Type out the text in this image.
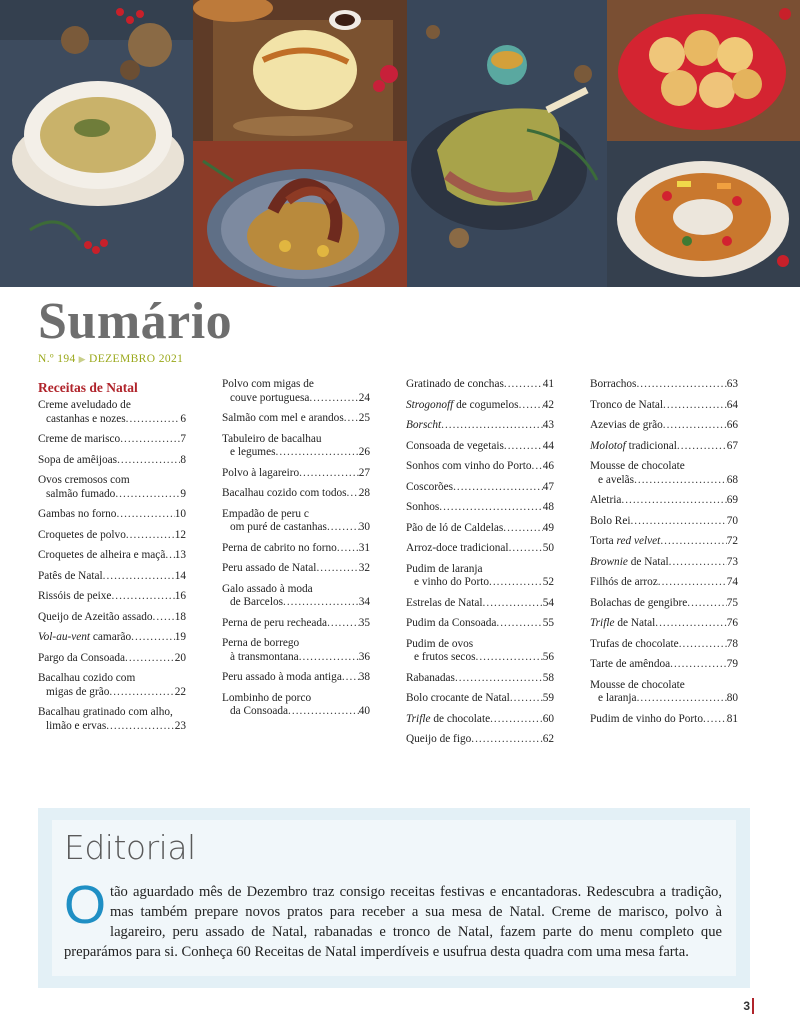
Sumário
N.º 194 ▶ DEZEMBRO 2021
Receitas de Natal
Creme aveludado de
castanhas e nozes .....	6
Creme de marisco .....	7
Sopa de amêijoas .....	8
Ovos cremosos com
salmão fumado .....	9
Gambas no forno .....	10
Croquetes de polvo .....	12
Croquetes de alheira e maçã ..... 13
Patês de Natal .....	14
Rissóis de peixe .....	16
Queijo de Azeitão assado ..... 18
Vol-au-vent camarão .....	19
Pargo da Consoada .....	20
Bacalhau cozido com
migas de grão .....	22
Bacalhau gratinado com alho,
limão e ervas .....	23
Polvo com migas de
couve portuguesa .....	24
Salmão com mel e arandos ..... 25
Tabuleiro de bacalhau
e legumes .....	26
Polvo à lagareiro .....	27
Bacalhau cozido com todos ..... 28
Empadão de peru c
om puré de castanhas .....	30
Perna de cabrito no forno ..... 31
Peru assado de Natal .....	32
Galo assado à moda
de Barcelos .....	34
Perna de peru recheada .....	35
Perna de borrego
à transmontana .....	36
Peru assado à moda antiga ..... 38
Lombinho de porco
da Consoada .....	40
Gratinado de conchas .....	41
Strogonoff de cogumelos ..... 42
Borscht .....	43
Consoada de vegetais .....	44
Sonhos com vinho do Porto ..... 46
Coscorões .....	47
Sonhos .....	48
Pão de ló de Caldelas .....	49
Arroz-doce tradicional .....	50
Pudim de laranja
e vinho do Porto .....	52
Estrelas de Natal .....	54
Pudim da Consoada .....	55
Pudim de ovos
e frutos secos .....	56
Rabanadas .....	58
Bolo crocante de Natal .....	59
Trifle de chocolate .....	60
Queijo de figo .....	62
Borrachos .....	63
Tronco de Natal .....	64
Azevias de grão .....	66
Molotof tradicional .....	67
Mousse de chocolate
e avelãs .....	68
Aletria .....	69
Bolo Rei .....	70
Torta red velvet .....	72
Brownie de Natal .....	73
Filhós de arroz .....	74
Bolachas de gengibre .....	75
Trifle de Natal .....	76
Trufas de chocolate .....	78
Tarte de amêndoa .....	79
Mousse de chocolate
e laranja .....	80
Pudim de vinho do Porto ..... 81
Editorial
Otão aguardado mês de Dezembro traz consigo receitas festivas e encantadoras. Redescubra a tradição, mas também prepare novos pratos para receber a sua mesa de Natal. Creme de marisco, polvo à lagareiro, peru assado de Natal, rabanadas e tronco de Natal, fazem parte do menu completo que preparámos para si. Conheça 60 Receitas de Natal imperdíveis e usufrua desta quadra com uma mesa farta.
3
